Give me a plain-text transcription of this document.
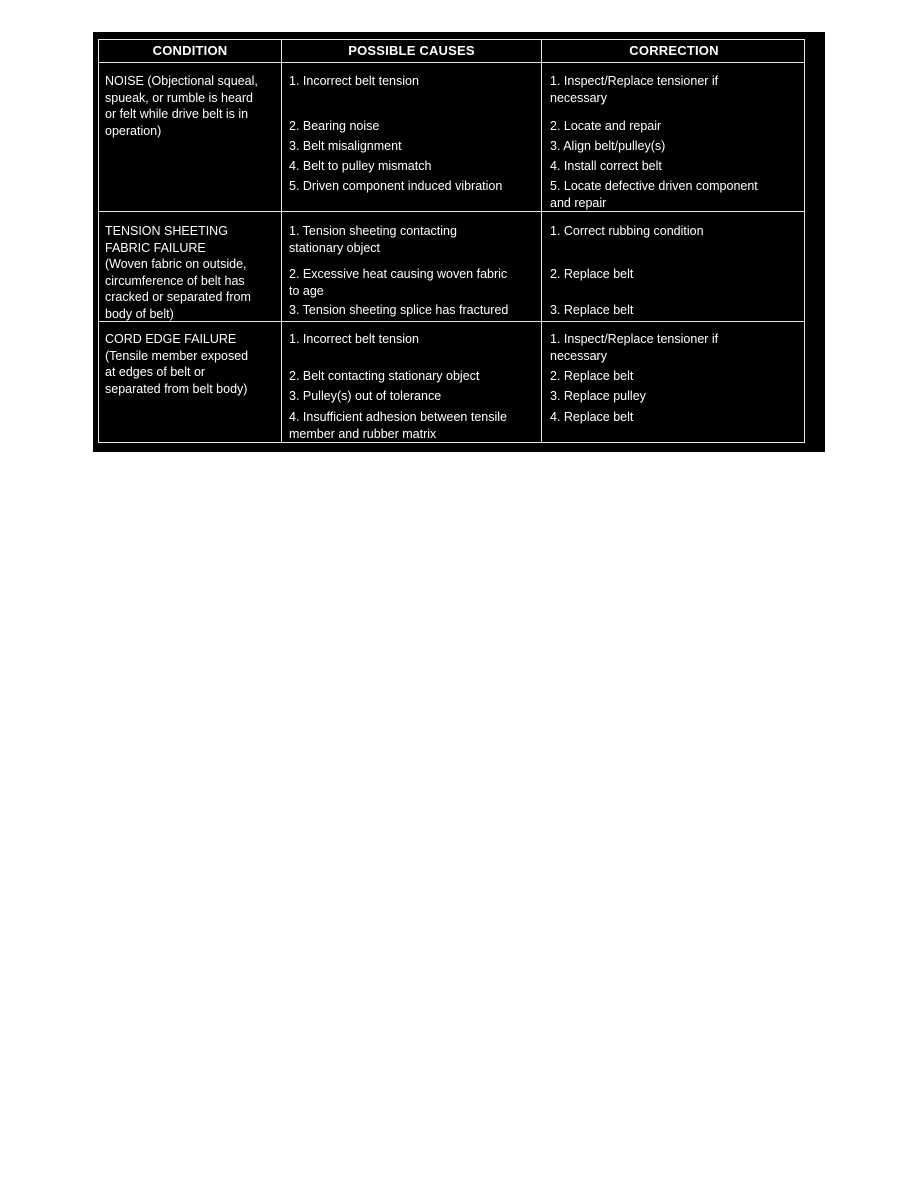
CONDITION	POSSIBLE CAUSES	CORRECTION
NOISE (Objectional squeal,
spueak, or rumble is heard
or felt while drive belt is in
operation)
1. Incorrect belt tension
2. Bearing noise
3. Belt misalignment
4. Belt to pulley mismatch
5. Driven component induced vibration
1. Inspect/Replace tensioner if
necessary
2. Locate and repair
3. Align belt/pulley(s)
4. Install correct belt
5. Locate defective driven component
and repair
TENSION SHEETING
FABRIC FAILURE
(Woven fabric on outside,
circumference of belt has
cracked or separated from
body of belt)
1. Tension sheeting contacting
stationary object
2. Excessive heat causing woven fabric
to age
3. Tension sheeting splice has fractured
1. Correct rubbing condition
2. Replace belt
3. Replace belt
CORD EDGE FAILURE
(Tensile member exposed
at edges of belt or
separated from belt body)
1. Incorrect belt tension
2. Belt contacting stationary object
3. Pulley(s) out of tolerance
4. Insufficient adhesion between tensile
member and rubber matrix
1. Inspect/Replace tensioner if
necessary
2. Replace belt
3. Replace pulley
4. Replace belt
